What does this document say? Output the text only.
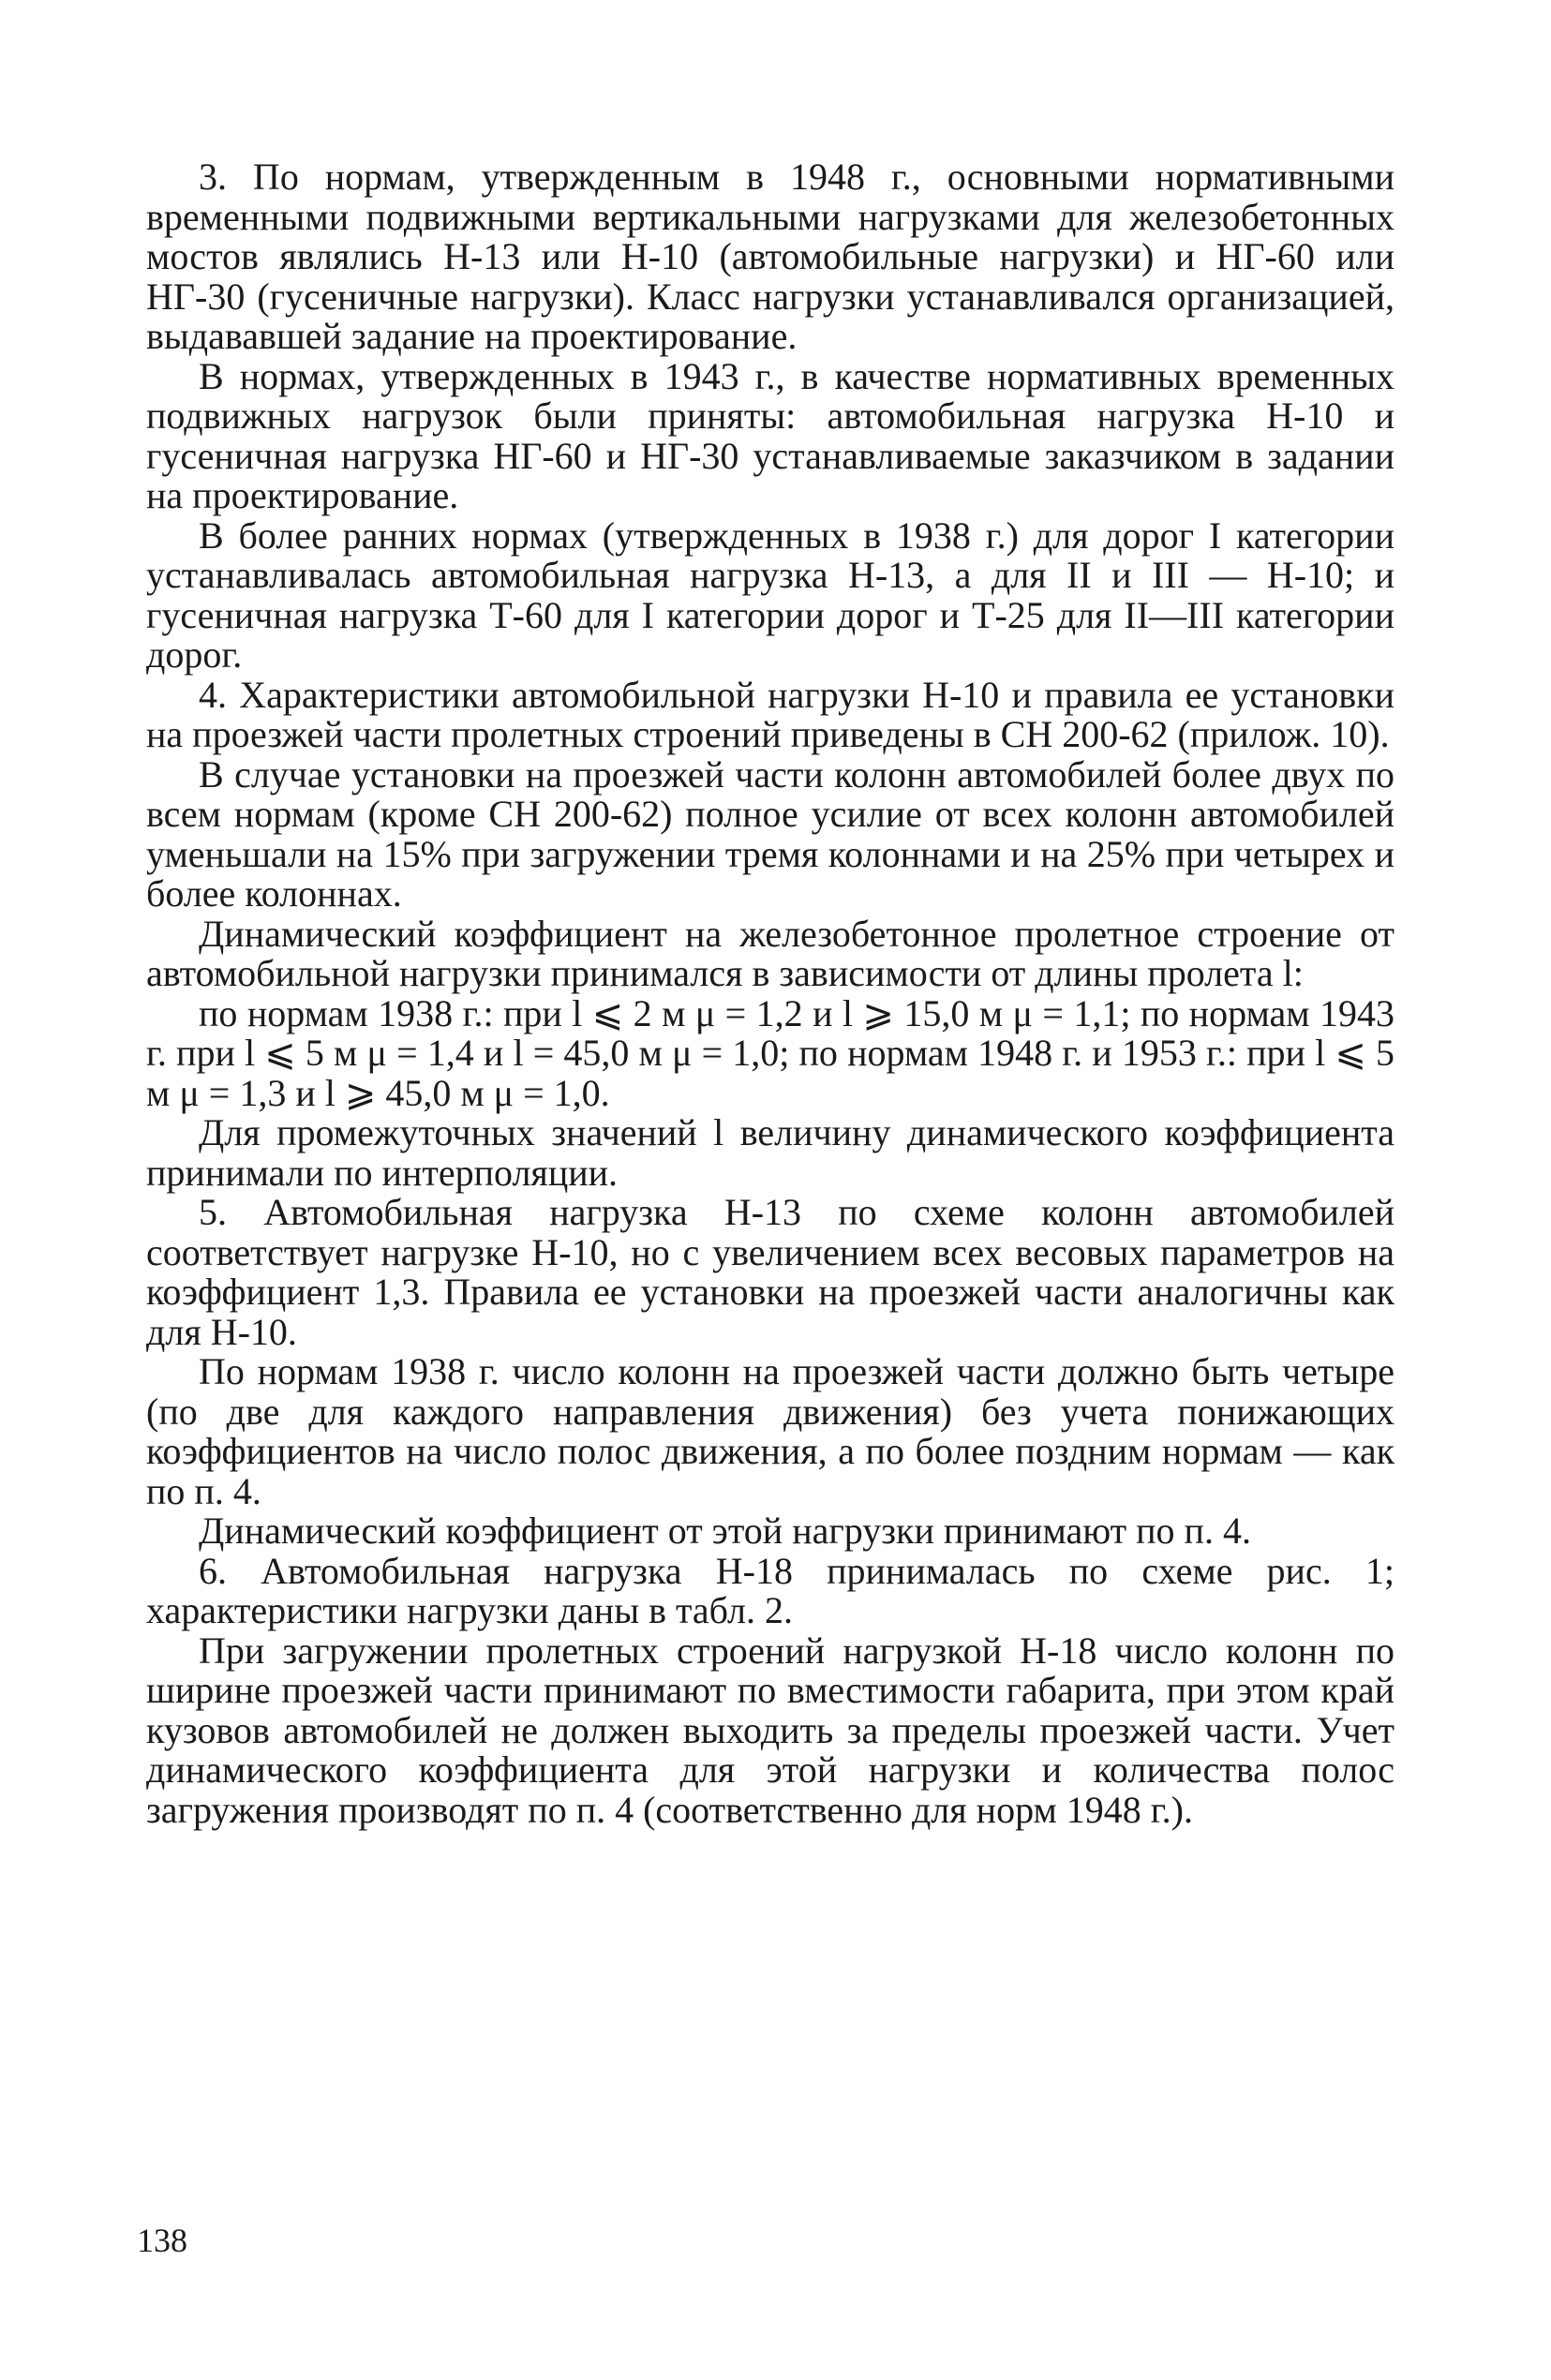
3. По нормам, утвержденным в 1948 г., основными нормативными временными подвижными вертикальными нагрузками для железобетонных мостов являлись Н-13 или Н-10 (автомобильные нагрузки) и НГ-60 или НГ-30 (гусеничные нагрузки). Класс нагрузки устанавливался организацией, выдававшей задание на проектирование.

В нормах, утвержденных в 1943 г., в качестве нормативных временных подвижных нагрузок были приняты: автомобильная нагрузка Н-10 и гусеничная нагрузка НГ-60 и НГ-30 устанавливаемые заказчиком в задании на проектирование.

В более ранних нормах (утвержденных в 1938 г.) для дорог I категории устанавливалась автомобильная нагрузка Н-13, а для II и III — Н-10; и гусеничная нагрузка Т-60 для I категории дорог и Т-25 для II—III категории дорог.

4. Характеристики автомобильной нагрузки Н-10 и правила ее установки на проезжей части пролетных строений приведены в СН 200-62 (прилож. 10).

В случае установки на проезжей части колонн автомобилей более двух по всем нормам (кроме СН 200-62) полное усилие от всех колонн автомобилей уменьшали на 15% при загружении тремя колоннами и на 25% при четырех и более колоннах.

Динамический коэффициент на железобетонное пролетное строение от автомобильной нагрузки принимался в зависимости от длины пролета l:

по нормам 1938 г.: при l ⩽ 2 м μ = 1,2 и l ⩾ 15,0 м μ = 1,1; по нормам 1943 г. при l ⩽ 5 м μ = 1,4 и l = 45,0 м μ = 1,0; по нормам 1948 г. и 1953 г.: при l ⩽ 5 м μ = 1,3 и l ⩾ 45,0 м μ = 1,0.

Для промежуточных значений l величину динамического коэффициента принимали по интерполяции.

5. Автомобильная нагрузка Н-13 по схеме колонн автомобилей соответствует нагрузке Н-10, но с увеличением всех весовых параметров на коэффициент 1,3. Правила ее установки на проезжей части аналогичны как для Н-10.

По нормам 1938 г. число колонн на проезжей части должно быть четыре (по две для каждого направления движения) без учета понижающих коэффициентов на число полос движения, а по более поздним нормам — как по п. 4.

Динамический коэффициент от этой нагрузки принимают по п. 4.

6. Автомобильная нагрузка Н-18 принималась по схеме рис. 1; характеристики нагрузки даны в табл. 2.

При загружении пролетных строений нагрузкой Н-18 число колонн по ширине проезжей части принимают по вместимости габарита, при этом край кузовов автомобилей не должен выходить за пределы проезжей части. Учет динамического коэффициента для этой нагрузки и количества полос загружения производят по п. 4 (соответственно для норм 1948 г.).

138
